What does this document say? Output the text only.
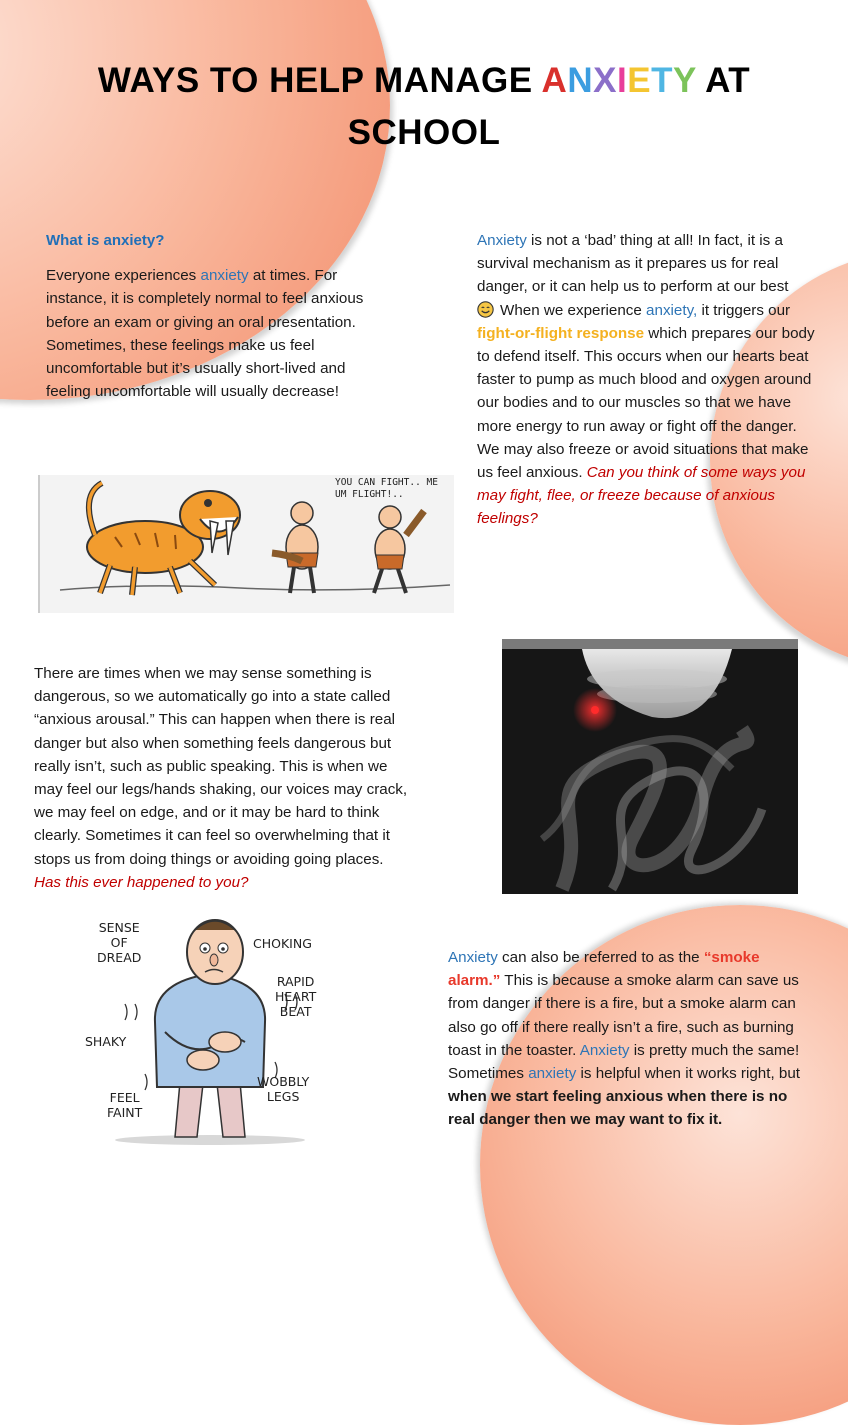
WAYS TO HELP MANAGE ANXIETY AT SCHOOL
What is anxiety?
Everyone experiences anxiety at times. For instance, it is completely normal to feel anxious before an exam or giving an oral presentation. Sometimes, these feelings make us feel uncomfortable but it’s usually short-lived and feeling uncomfortable will usually decrease!
Anxiety is not a ‘bad’ thing at all! In fact, it is a survival mechanism as it prepares us for real danger, or it can help us to perform at our best When we experience anxiety, it triggers our fight-or-flight response which prepares our body to defend itself. This occurs when our hearts beat faster to pump as much blood and oxygen around our bodies and to our muscles so that we have more energy to run away or fight off the danger. We may also freeze or avoid situations that make us feel anxious. Can you think of some ways you may fight, flee, or freeze because of anxious feelings?
YOU CAN FIGHT.. ME UM FLIGHT!..
There are times when we may sense something is dangerous, so we automatically go into a state called “anxious arousal.” This can happen when there is real danger but also when something feels dangerous but really isn’t, such as public speaking. This is when we may feel our legs/hands shaking, our voices may crack, we may feel on edge, and or it may be hard to think clearly. Sometimes it can feel so overwhelming that it stops us from doing things or avoiding going places. Has this ever happened to you?
SENSE
OF
DREAD
CHOKING
RAPID
HEART
BEAT
SHAKY
FEEL
FAINT
WOBBLY
LEGS
Anxiety can also be referred to as the “smoke alarm.” This is because a smoke alarm can save us from danger if there is a fire, but a smoke alarm can also go off if there really isn’t a fire, such as burning toast in the toaster. Anxiety is pretty much the same! Sometimes anxiety is helpful when it works right, but when we start feeling anxious when there is no real danger then we may want to fix it.
